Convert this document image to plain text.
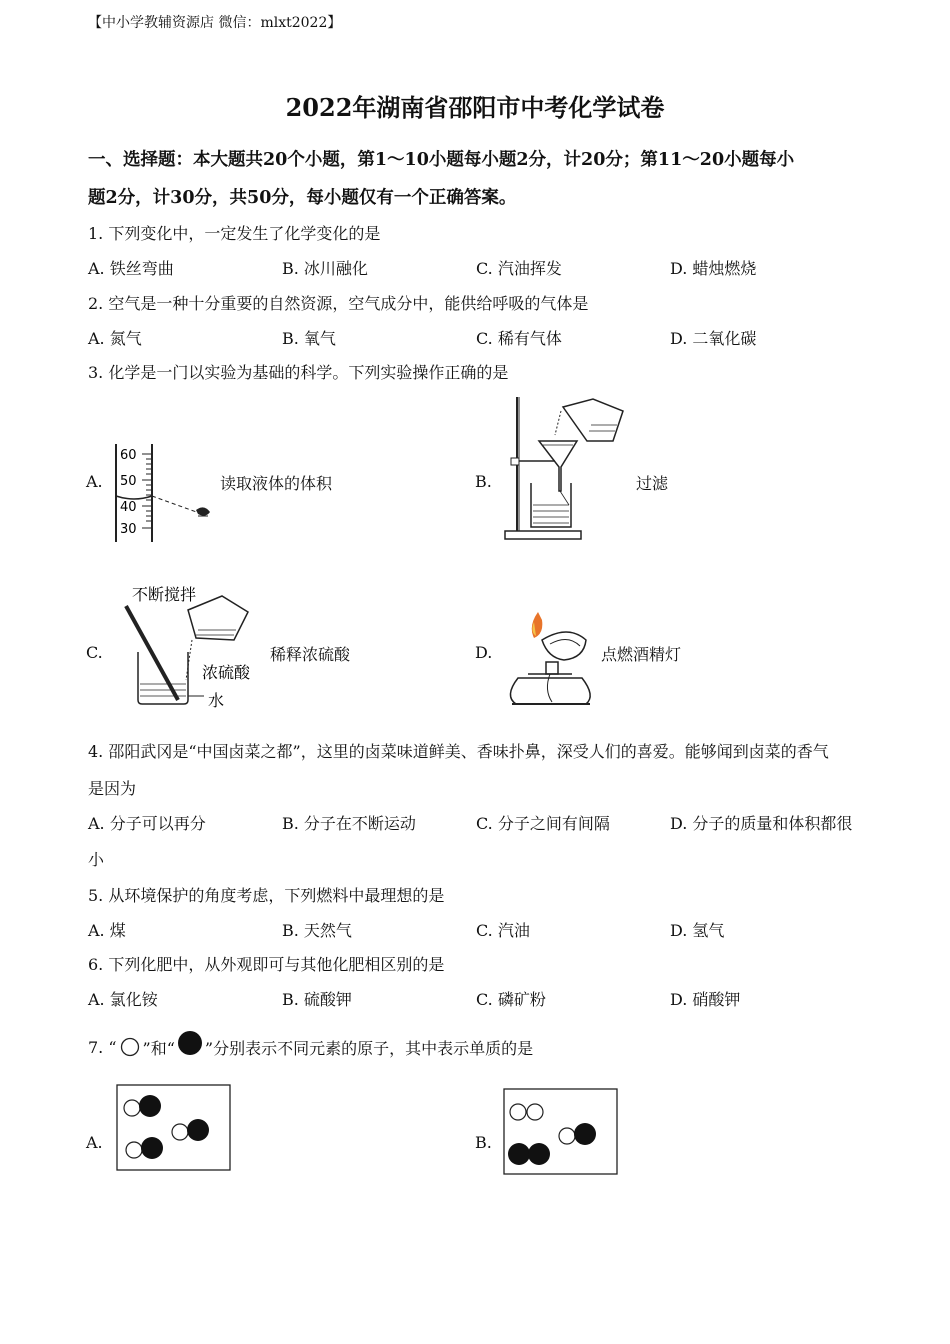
【中小学教辅资源店 微信：mlxt2022】
2022年湖南省邵阳市中考化学试卷
一、选择题：本大题共20个小题，第1～10小题每小题2分，计20分；第11～20小题每小
题2分，计30分，共50分，每小题仅有一个正确答案。
1. 下列变化中，一定发生了化学变化的是
A. 铁丝弯曲	B. 冰川融化	C. 汽油挥发	D. 蜡烛燃烧
2. 空气是一种十分重要的自然资源，空气成分中，能供给呼吸的气体是
A. 氮气	B. 氧气	C. 稀有气体	D. 二氧化碳
3. 化学是一门以实验为基础的科学。下列实验操作正确的是
A.
60
50
40
30
读取液体的体积	B.	过滤
C.
不断搅拌
浓硫酸
水
稀释浓硫酸	D.	点燃酒精灯
4. 邵阳武冈是“中国卤菜之都”，这里的卤菜味道鲜美、香味扑鼻，深受人们的喜爱。能够闻到卤菜的香气
是因为
A. 分子可以再分	B. 分子在不断运动	C. 分子之间有间隔	D. 分子的质量和体积都很
小
5. 从环境保护的角度考虑，下列燃料中最理想的是
A. 煤	B. 天然气	C. 汽油	D. 氢气
6. 下列化肥中，从外观即可与其他化肥相区别的是
A. 氯化铵	B. 硫酸钾	C. 磷矿粉	D. 硝酸钾
7. “ ”和“ ”分别表示不同元素的原子，其中表示单质的是
A.	B.
